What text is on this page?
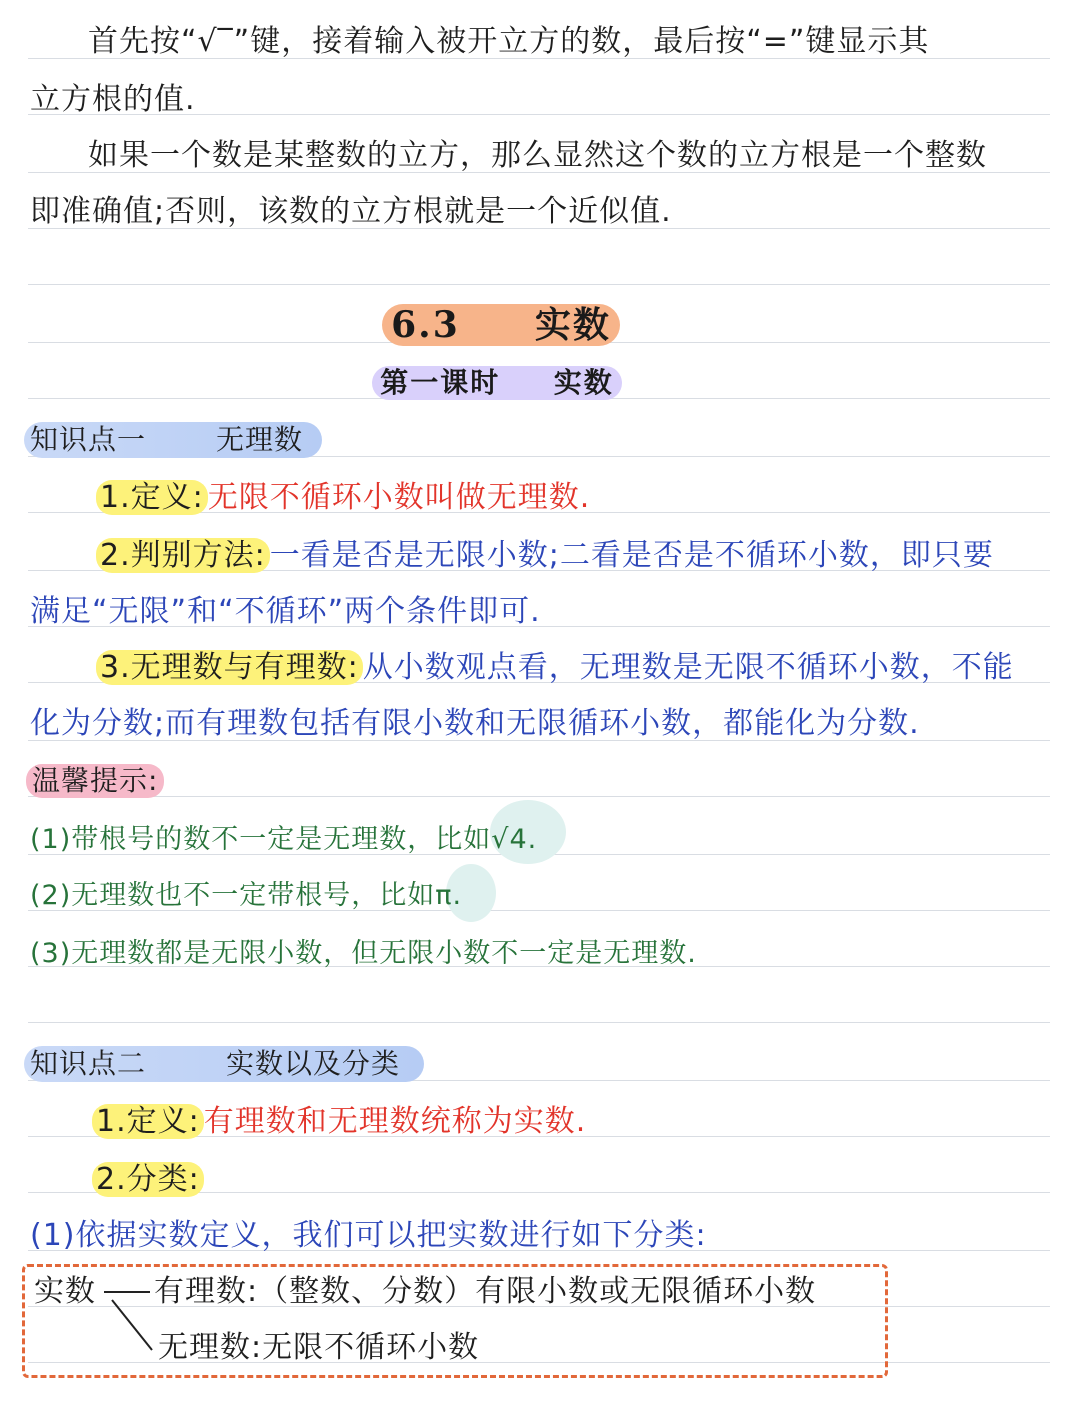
首先按“√‾”键，接着输入被开立方的数，最后按“=”键显示其
立方根的值.
如果一个数是某整数的立方，那么显然这个数的立方根是一个整数
即准确值;否则，该数的立方根就是一个近似值.
6.3 实数
第一课时 实数
知识点一	无理数
1.定义: 无限不循环小数叫做无理数.
2.判别方法: 一看是否是无限小数;二看是否是不循环小数，即只要
满足“无限”和“不循环”两个条件即可.
3.无理数与有理数: 从小数观点看，无理数是无限不循环小数，不能
化为分数;而有理数包括有限小数和无限循环小数，都能化为分数.
温馨提示:
(1)带根号的数不一定是无理数，比如√4.
(2)无理数也不一定带根号，比如π.
(3)无理数都是无限小数，但无限小数不一定是无理数.
知识点二	实数以及分类
1.定义: 有理数和无理数统称为实数.
2.分类:
(1)依据实数定义，我们可以把实数进行如下分类:
实数 有理数:（整数、分数）有限小数或无限循环小数
无理数:无限不循环小数
